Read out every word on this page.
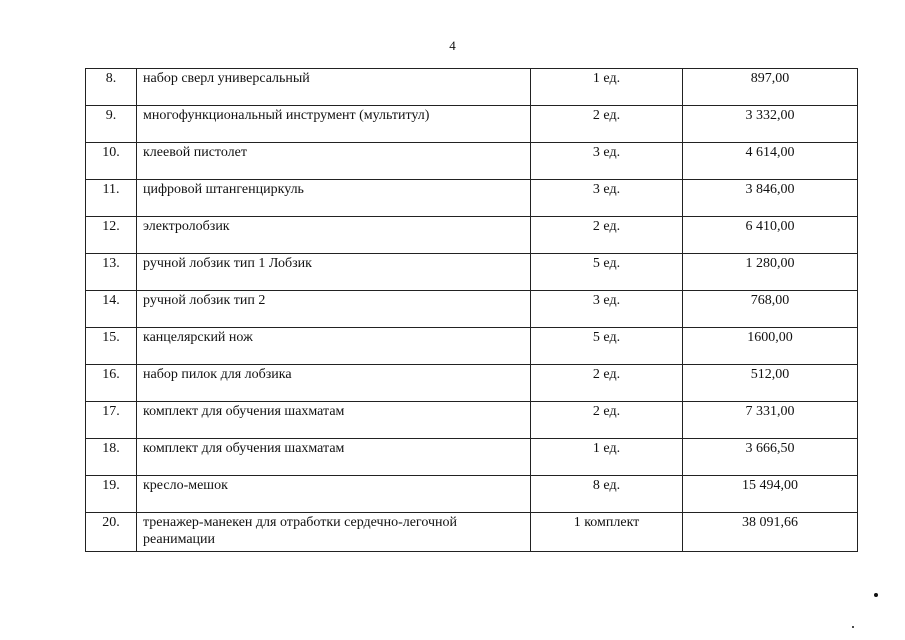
4
8.	набор сверл универсальный	1 ед.	897,00
9.	многофункциональный инструмент (мультитул)	2 ед.	3 332,00
10.	клеевой пистолет	3 ед.	4 614,00
11.	цифровой штангенциркуль	3 ед.	3 846,00
12.	электролобзик	2 ед.	6 410,00
13.	ручной лобзик тип 1 Лобзик	5 ед.	1 280,00
14.	ручной лобзик тип 2	3 ед.	768,00
15.	канцелярский нож	5 ед.	1600,00
16.	набор пилок для лобзика	2 ед.	512,00
17.	комплект для обучения шахматам	2 ед.	7 331,00
18.	комплект для обучения шахматам	1 ед.	3 666,50
19.	кресло-мешок	8 ед.	15 494,00
20.	тренажер-манекен для отработки сердечно-легочной реанимации	1 комплект	38 091,66
